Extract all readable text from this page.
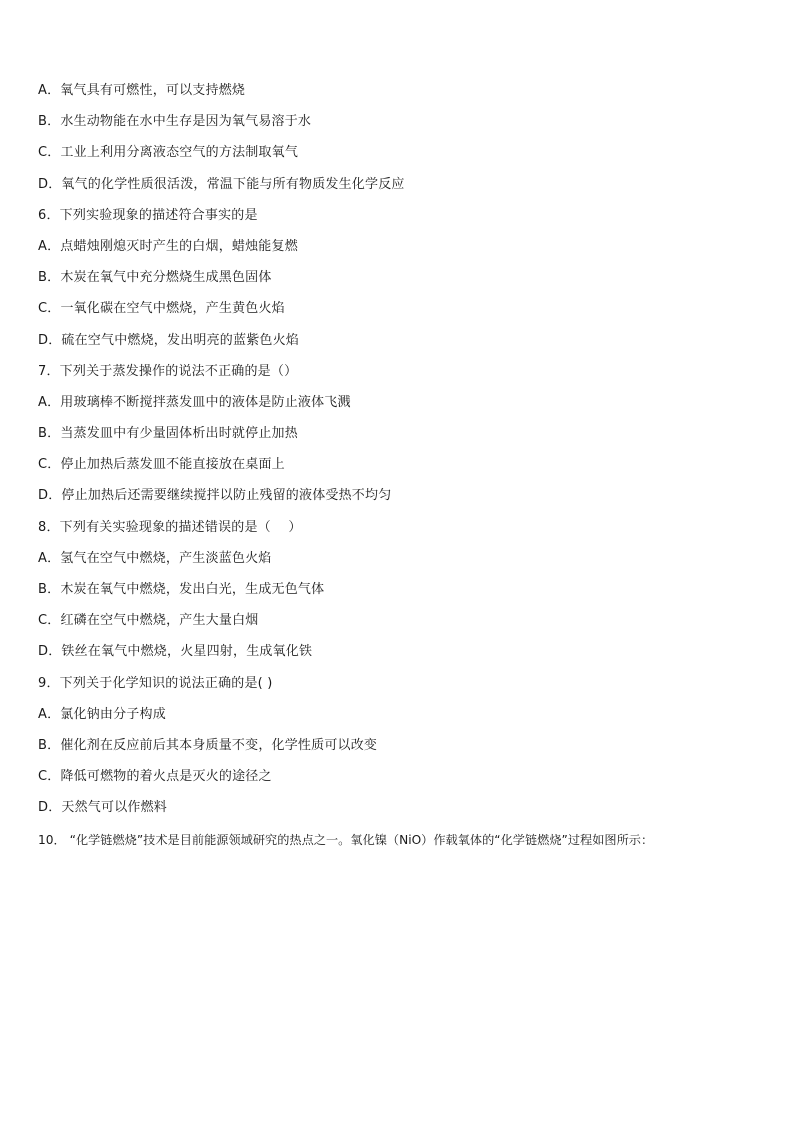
A．氧气具有可燃性，可以支持燃烧
B．水生动物能在水中生存是因为氧气易溶于水
C．工业上利用分离液态空气的方法制取氧气
D．氧气的化学性质很活泼，常温下能与所有物质发生化学反应
6．下列实验现象的描述符合事实的是
A．点蜡烛刚熄灭时产生的白烟，蜡烛能复燃
B．木炭在氧气中充分燃烧生成黑色固体
C．一氧化碳在空气中燃烧，产生黄色火焰
D．硫在空气中燃烧，发出明亮的蓝紫色火焰
7．下列关于蒸发操作的说法不正确的是（）
A．用玻璃棒不断搅拌蒸发皿中的液体是防止液体飞溅
B．当蒸发皿中有少量固体析出时就停止加热
C．停止加热后蒸发皿不能直接放在桌面上
D．停止加热后还需要继续搅拌以防止残留的液体受热不均匀
8．下列有关实验现象的描述错误的是（　 ）
A．氢气在空气中燃烧，产生淡蓝色火焰
B．木炭在氧气中燃烧，发出白光，生成无色气体
C．红磷在空气中燃烧，产生大量白烟
D．铁丝在氧气中燃烧，火星四射，生成氧化铁
9．下列关于化学知识的说法正确的是( )
A．氯化钠由分子构成
B．催化剂在反应前后其本身质量不变，化学性质可以改变
C．降低可燃物的着火点是灭火的途径之
D．天然气可以作燃料
10． “化学链燃烧”技术是目前能源领域研究的热点之一。氧化镍（NiO）作载氧体的“化学链燃烧”过程如图所示：
